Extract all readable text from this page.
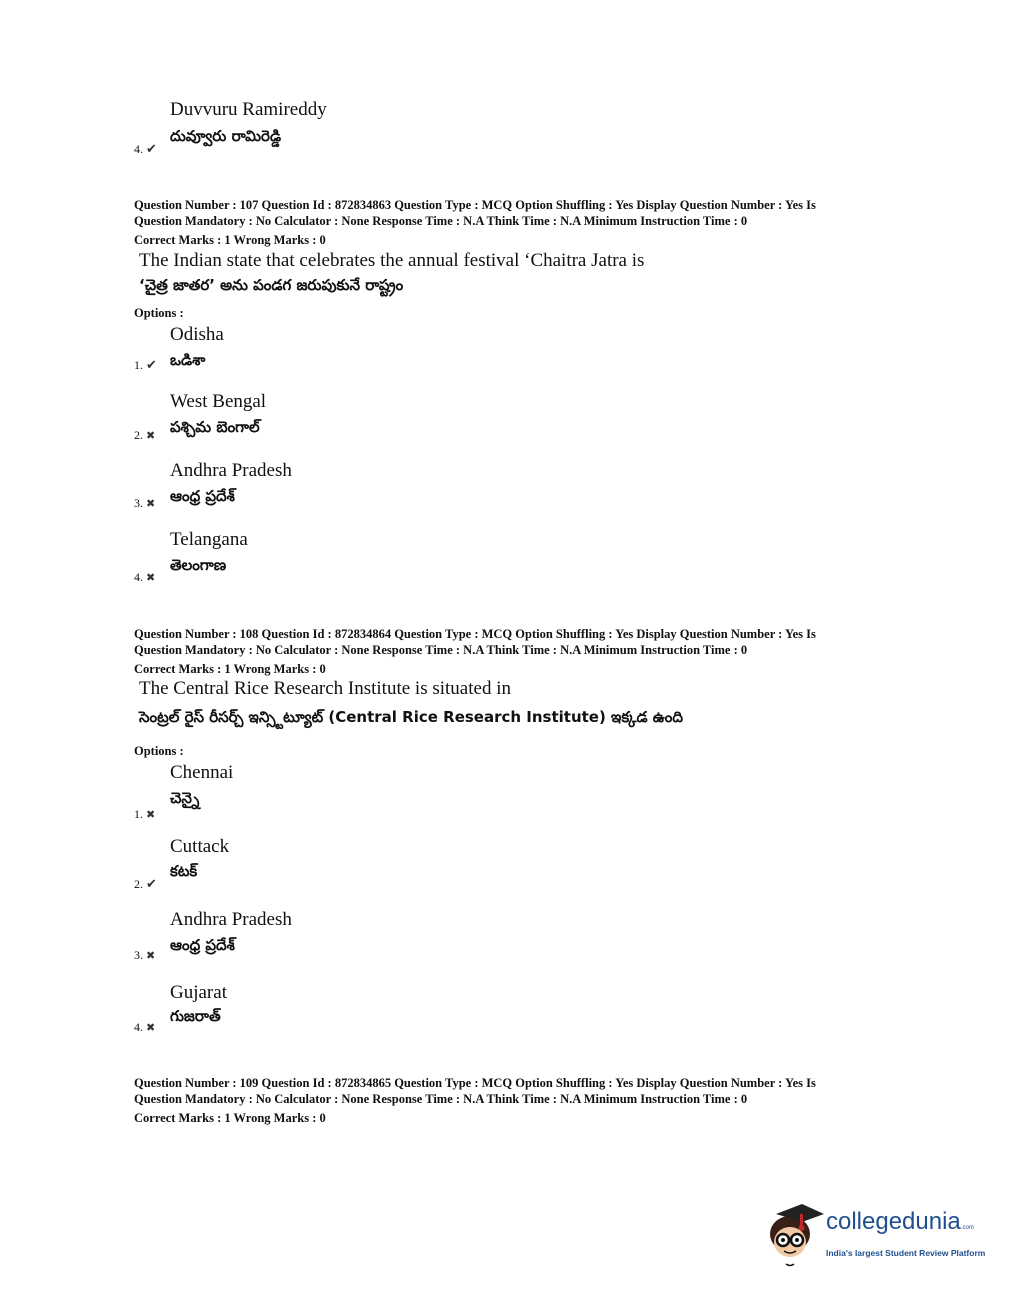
Duvvuru Ramireddy
దువ్వూరు రామిరెడ్డి
4. ✔
Question Number : 107 Question Id : 872834863 Question Type : MCQ Option Shuffling : Yes Display Question Number : Yes Is
Question Mandatory : No Calculator : None Response Time : N.A Think Time : N.A Minimum Instruction Time : 0
Correct Marks : 1 Wrong Marks : 0
The Indian state that celebrates the annual festival ‘Chaitra Jatra is
‘చైత్ర జాతర’ అను పండగ జరుపుకునే రాష్ట్రం
Options :
Odisha
ఒడిశా
1. ✔
West Bengal
పశ్చిమ బెంగాల్
2. ✖
Andhra Pradesh
ఆంధ్ర ప్రదేశ్
3. ✖
Telangana
తెలంగాణ
4. ✖
Question Number : 108 Question Id : 872834864 Question Type : MCQ Option Shuffling : Yes Display Question Number : Yes Is
Question Mandatory : No Calculator : None Response Time : N.A Think Time : N.A Minimum Instruction Time : 0
Correct Marks : 1 Wrong Marks : 0
The Central Rice Research Institute is situated in
సెంట్రల్ రైస్ రీసర్చ్ ఇన్స్టిట్యూట్ (Central Rice Research Institute) ఇక్కడ ఉంది
Options :
Chennai
చెన్నై
1. ✖
Cuttack
కటక్
2. ✔
Andhra Pradesh
ఆంధ్ర ప్రదేశ్
3. ✖
Gujarat
గుజరాత్
4. ✖
Question Number : 109 Question Id : 872834865 Question Type : MCQ Option Shuffling : Yes Display Question Number : Yes Is
Question Mandatory : No Calculator : None Response Time : N.A Think Time : N.A Minimum Instruction Time : 0
Correct Marks : 1 Wrong Marks : 0
collegedunia.com
India's largest Student Review Platform
